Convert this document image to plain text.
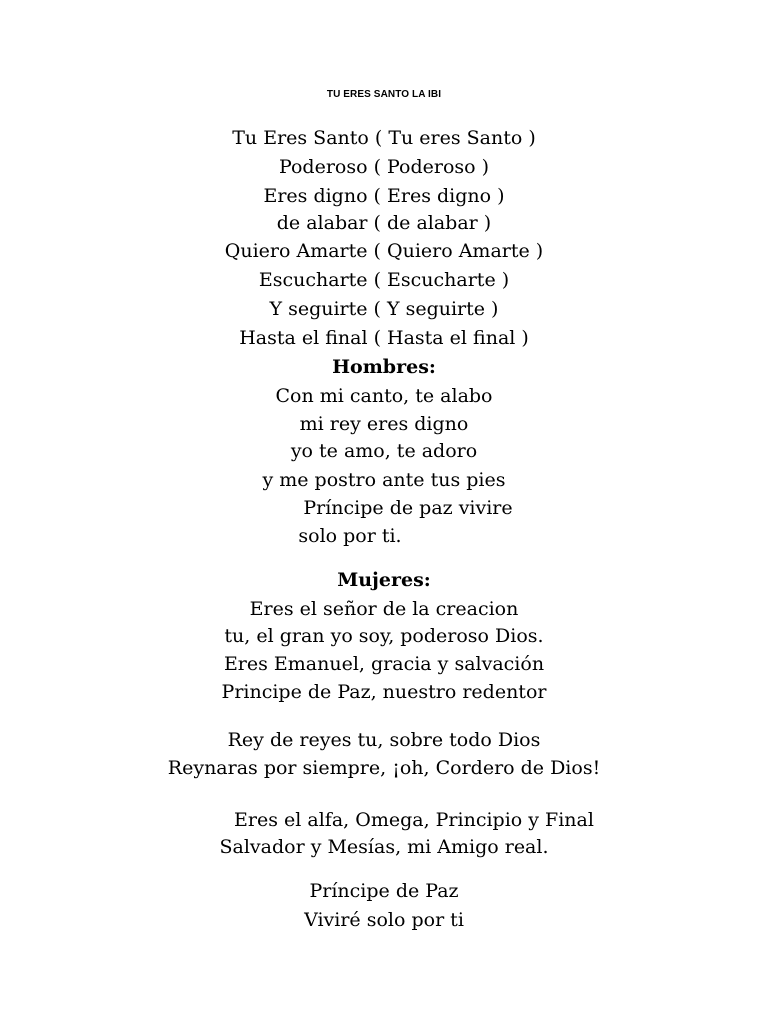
TU ERES SANTO LA IBI
Tu Eres Santo ( Tu eres Santo )
Poderoso ( Poderoso )
Eres digno ( Eres digno )
de alabar ( de alabar )
Quiero Amarte ( Quiero Amarte )
Escucharte ( Escucharte )
Y seguirte ( Y seguirte )
Hasta el final ( Hasta el final )
Hombres:
Con mi canto, te alabo
mi rey eres digno
yo te amo, te adoro
y me postro ante tus pies
Príncipe de paz vivire
solo por ti.
Mujeres:
Eres el señor de la creacion
tu, el gran yo soy, poderoso Dios.
Eres Emanuel, gracia y salvación
Principe de Paz, nuestro redentor
Rey de reyes tu, sobre todo Dios
Reynaras por siempre, ¡oh, Cordero de Dios!
Eres el alfa, Omega, Principio y Final
Salvador y Mesías, mi Amigo real.
Príncipe de Paz
Viviré solo por ti
